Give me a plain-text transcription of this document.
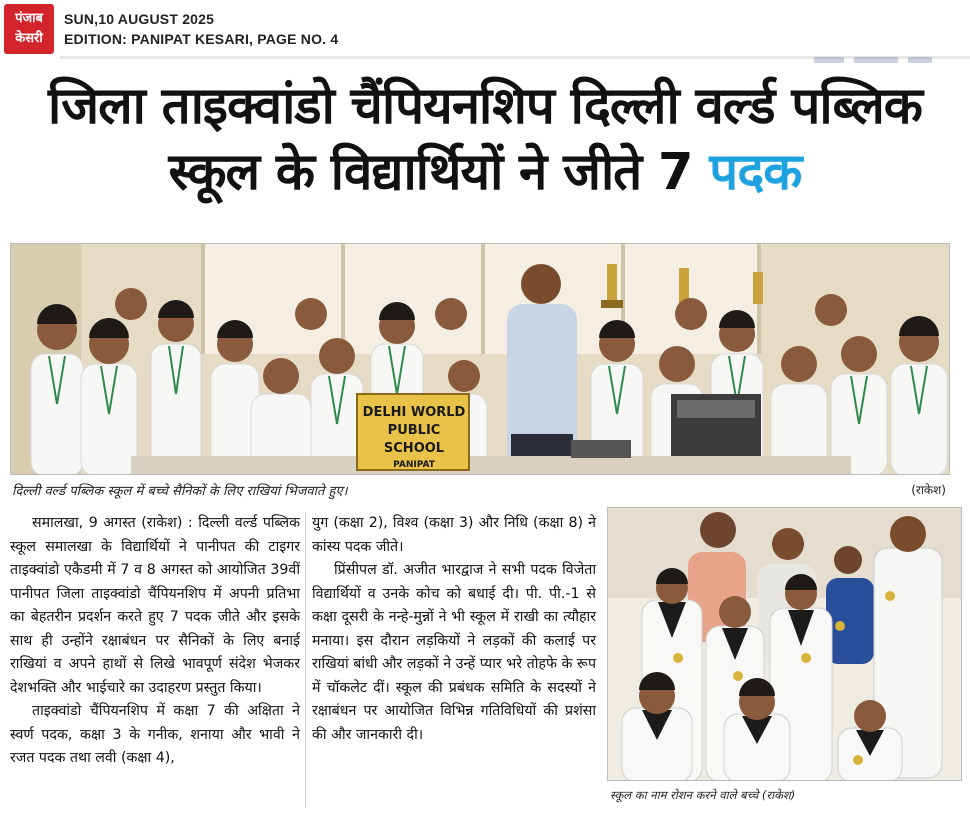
पंजाब
केसरी
SUN,10 AUGUST 2025
EDITION: PANIPAT KESARI, PAGE NO. 4
जिला ताइक्वांडो चैंपियनशिप दिल्ली वर्ल्ड पब्लिक स्कूल के विद्यार्थियों ने जीते 7 पदक
DELHI WORLD
PUBLIC SCHOOL
PANIPAT
दिल्ली वर्ल्ड पब्लिक स्कूल में बच्चे सैनिकों के लिए राखियां भिजवाते हुए।	(राकेश)

समालखा, 9 अगस्त (राकेश) : दिल्ली वर्ल्ड पब्लिक स्कूल समालखा के विद्यार्थियों ने पानीपत की टाइगर ताइक्वांडो एकैडमी में 7 व 8 अगस्त को आयोजित 39वीं पानीपत जिला ताइक्वांडो चैंपियनशिप में अपनी प्रतिभा का बेहतरीन प्रदर्शन करते हुए 7 पदक जीते और इसके साथ ही उन्होंने रक्षाबंधन पर सैनिकों के लिए बनाई राखियां व अपने हाथों से लिखे भावपूर्ण संदेश भेजकर देशभक्ति और भाईचारे का उदाहरण प्रस्तुत किया।

ताइक्वांडो चैंपियनशिप में कक्षा 7 की अक्षिता ने स्वर्ण पदक, कक्षा 3 के गनीक, शनाया और भावी ने रजत पदक तथा लवी (कक्षा 4),

युग (कक्षा 2), विश्व (कक्षा 3) और निधि (कक्षा 8) ने कांस्य पदक जीते।

प्रिंसीपल डॉ. अजीत भारद्वाज ने सभी पदक विजेता विद्यार्थियों व उनके कोच को बधाई दी। पी. पी.-1 से कक्षा दूसरी के नन्हे-मुन्नों ने भी स्कूल में राखी का त्यौहार मनाया। इस दौरान लड़कियों ने लड़कों की कलाई पर राखियां बांधी और लड़कों ने उन्हें प्यार भरे तोहफे के रूप में चॉकलेट दीं। स्कूल की प्रबंधक समिति के सदस्यों ने रक्षाबंधन पर आयोजित विभिन्न गतिविधियों की प्रशंसा की और जानकारी दी।

स्कूल का नाम रोशन करने वाले बच्चे (राकेश)
